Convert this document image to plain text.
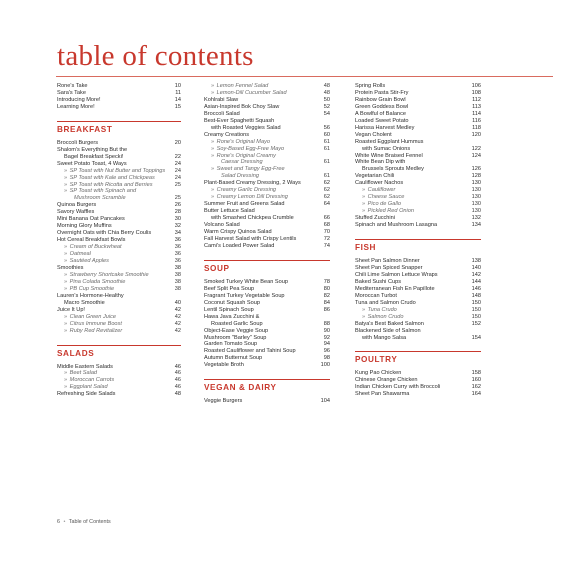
table of contents
Rone's Take	10
Sara's Take	11
Introducing More!	14
Learning More!	15
BREAKFAST
Broccoli Burgers	20
Shalom's Everything But the
Bagel Breakfast Specki!	22
Sweet Potato Toast, 4 Ways	24
» SP Toast with Nut Butter and Toppings	24
» SP Toast with Kale and Chickpeas	24
» SP Toast with Ricotta and Berries	25
» SP Toast with Spinach and
Mushroom Scramble	25
Quinoa Burgers	26
Savory Waffles	28
Mini Banana Oat Pancakes	30
Morning Glory Muffins	32
Overnight Oats with Chia Berry Coulis	34
Hot Cereal Breakfast Bowls	36
» Cream of Buckwheat	36
» Oatmeal	36
» Sautéed Apples	36
Smoothies	38
» Strawberry Shortcake Smoothie	38
» Pina Colada Smoothie	38
» PB Cup Smoothie	38
Lauren's Hormone-Healthy
Macro Smoothie	40
Juice It Up!	42
» Clean Green Juice	42
» Citrus Immune Boost	42
» Ruby Red Revitalizer	42
SALADS
Middle Eastern Salads	46
» Beet Salad	46
» Moroccan Carrots	46
» Eggplant Salad	46
Refreshing Side Salads	48
» Lemon Fennel Salad	48
» Lemon-Dill Cucumber Salad	48
Kohlrabi Slaw	50
Asian-Inspired Bok Choy Slaw	52
Broccoli Salad	54
Best-Ever Spaghetti Squash
with Roasted Veggies Salad	56
Creamy Creations	60
» Rone's Original Mayo	61
» Soy-Based Egg-Free Mayo	61
» Rone's Original Creamy
Caesar Dressing	61
» Sweet and Tangy Egg-Free
Salad Dressing	61
Plant-Based Creamy Dressing, 2 Ways	62
» Creamy Garlic Dressing	62
» Creamy Lemon Dill Dressing	62
Summer Fruit and Greens Salad	64
Butter Lettuce Salad
with Smashed Chickpea Crumble	66
Volcano Salad	68
Warm Crispy Quinoa Salad	70
Fall Harvest Salad with Crispy Lentils	72
Cami's Loaded Power Salad	74
SOUP
Smoked Turkey White Bean Soup	78
Beef Split Pea Soup	80
Fragrant Turkey Vegetable Soup	82
Coconut Squash Soup	84
Lentil Spinach Soup	86
Hawa Java Zucchini &
Roasted Garlic Soup	88
Object-Ease Veggie Soup	90
Mushroom "Barley" Soup	92
Garden Tomato Soup	94
Roasted Cauliflower and Tahini Soup	96
Autumn Butternut Soup	98
Vegetable Broth	100
VEGAN & DAIRY
Veggie Burgers	104
Spring Rolls	106
Protein Pasta Stir-Fry	108
Rainbow Grain Bowl	112
Green Goddess Bowl	113
A Bowlful of Balance	114
Loaded Sweet Potato	116
Harissa Harvest Medley	118
Vegan Cholent	120
Roasted Eggplant Hummus
with Sumac Onions	122
White Wine Braised Fennel	124
White Bean Dip with
Brussels Sprouts Medley	126
Vegetarian Chili	128
Cauliflower Nachos	130
» Cauliflower	130
» Cheese Sauce	130
» Pico de Gallo	130
» Pickled Red Onion	130
Stuffed Zucchini	132
Spinach and Mushroom Lasagna	134
FISH
Sheet Pan Salmon Dinner	138
Sheet Pan Spiced Snapper	140
Chili Lime Salmon Lettuce Wraps	142
Baked Sushi Cups	144
Mediterranean Fish En Papillote	146
Moroccan Turbot	148
Tuna and Salmon Crudo	150
» Tuna Crudo	150
» Salmon Crudo	150
Batya's Best Baked Salmon	152
Blackened Side of Salmon
with Mango Salsa	154
POULTRY
Kung Pao Chicken	158
Chinese Orange Chicken	160
Indian Chicken Curry with Broccoli	162
Sheet Pan Shawarma	164
6 • Table of Contents
